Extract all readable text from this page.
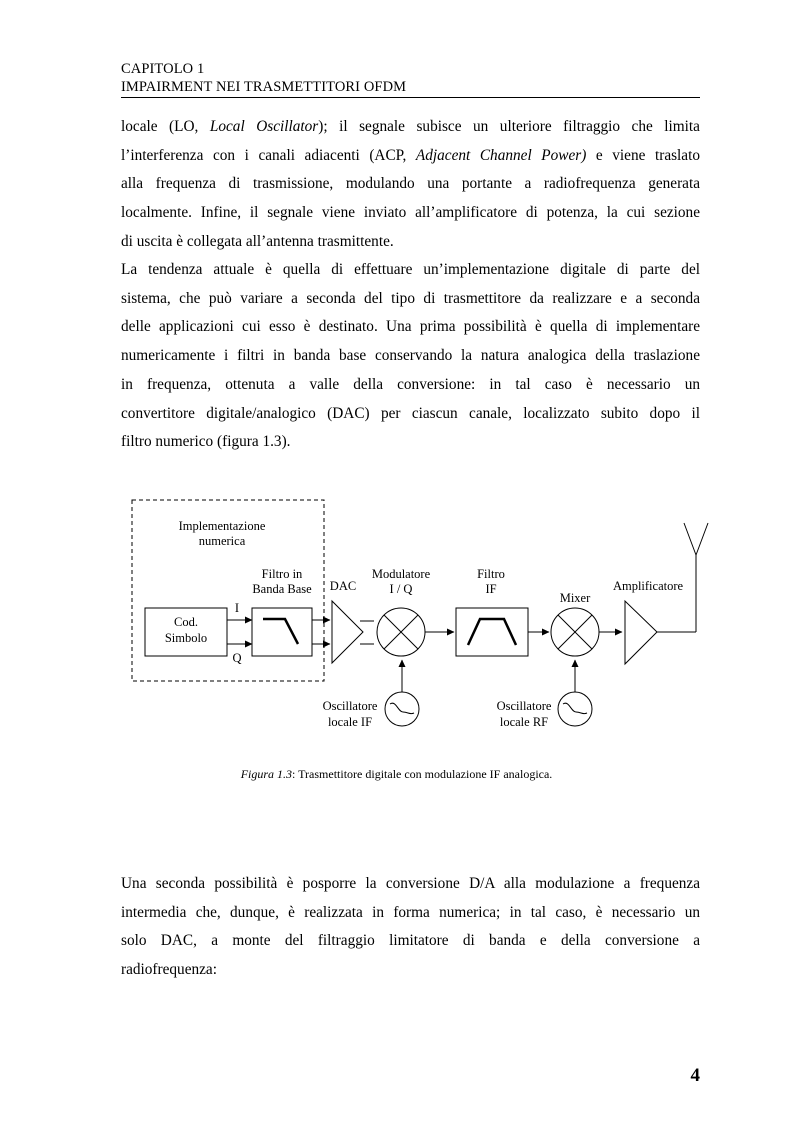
CAPITOLO 1
IMPAIRMENT NEI TRASMETTITORI OFDM
locale (LO, Local Oscillator); il segnale subisce un ulteriore filtraggio che limita
l’interferenza con i canali adiacenti (ACP, Adjacent Channel Power) e viene traslato
alla frequenza di trasmissione, modulando una portante a radiofrequenza generata
localmente. Infine, il segnale viene inviato all’amplificatore di potenza, la cui sezione
di uscita è collegata all’antenna trasmittente.
La tendenza attuale è quella di effettuare un’implementazione digitale di parte del
sistema, che può variare a seconda del tipo di trasmettitore da realizzare e a seconda
delle applicazioni cui esso è destinato. Una prima possibilità è quella di implementare
numericamente i filtri in banda base conservando la natura analogica della traslazione
in frequenza, ottenuta a valle della conversione: in tal caso è necessario un
convertitore digitale/analogico (DAC) per ciascun canale, localizzato subito dopo il
filtro numerico (figura 1.3).
Implementazione
numerica
Cod.
Simbolo
I
Q
Filtro in
Banda Base DAC
Modulatore
I / Q
Filtro
IF
Mixer
Amplificatore
Oscillatore
locale IF
Oscillatore
locale RF
Figura 1.3: Trasmettitore digitale con modulazione IF analogica.
Una seconda possibilità è posporre la conversione D/A alla modulazione a frequenza
intermedia che, dunque, è realizzata in forma numerica; in tal caso, è necessario un
solo DAC, a monte del filtraggio limitatore di banda e della conversione a
radiofrequenza:
4
